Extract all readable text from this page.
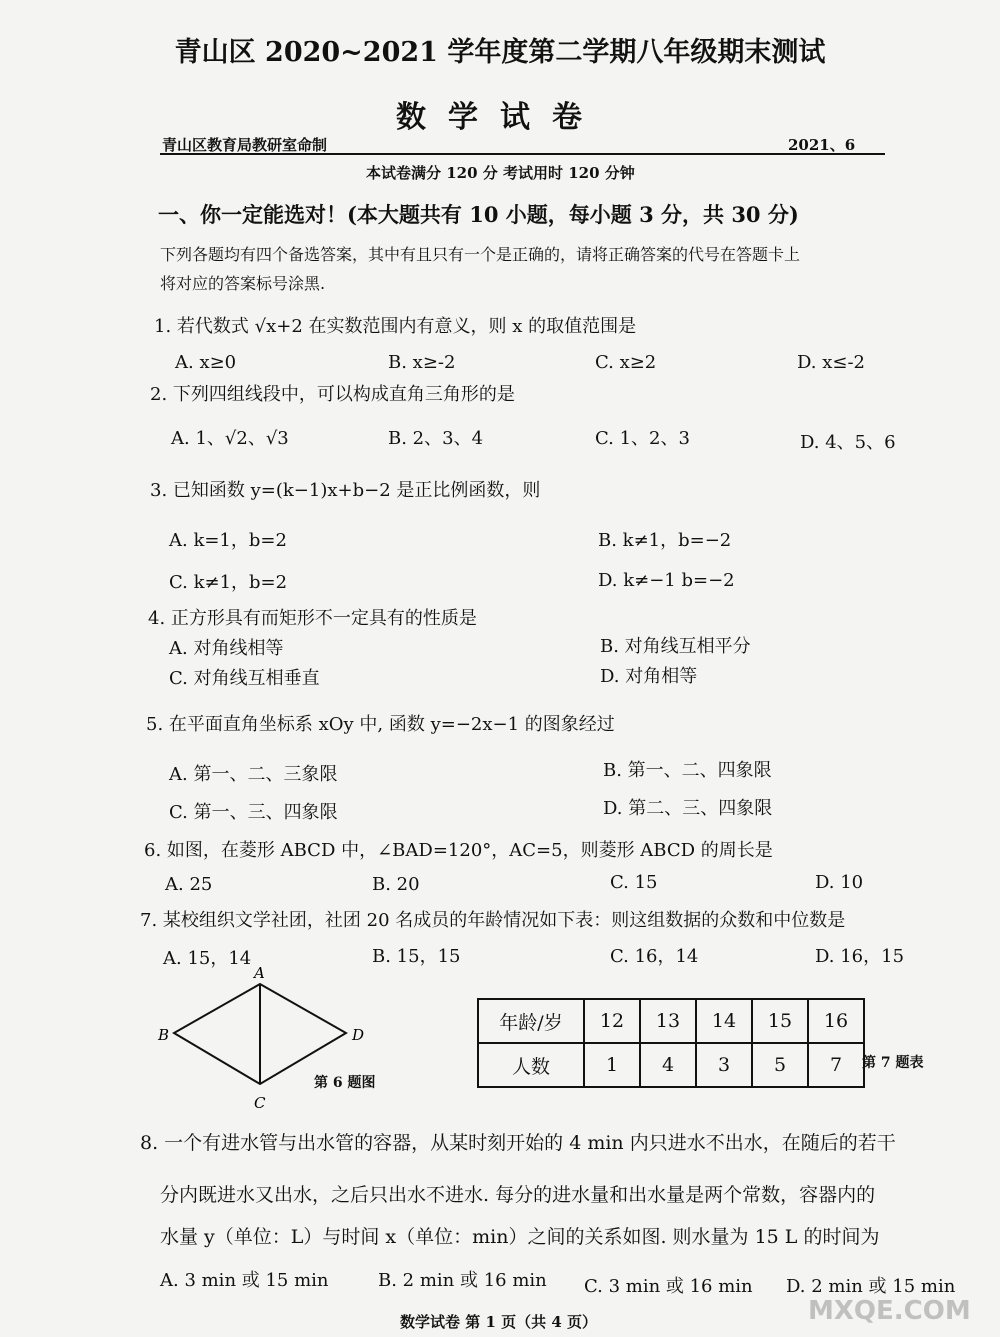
青山区 2020~2021 学年度第二学期八年级期末测试
数学试卷
青山区教育局教研室命制	2021、6
本试卷满分 120 分 考试用时 120 分钟
一、你一定能选对！(本大题共有 10 小题，每小题 3 分，共 30 分)
下列各题均有四个备选答案，其中有且只有一个是正确的，请将正确答案的代号在答题卡上
将对应的答案标号涂黑.
1. 若代数式 √x+2 在实数范围内有意义，则 x 的取值范围是
A. x≥0	B. x≥-2	C. x≥2	D. x≤-2
2. 下列四组线段中，可以构成直角三角形的是
A. 1、√2、√3	B. 2、3、4	C. 1、2、3	D. 4、5、6
3. 已知函数 y=(k−1)x+b−2 是正比例函数，则
A. k=1，b=2	B. k≠1，b=−2
C. k≠1，b=2	D. k≠−1 b=−2
4. 正方形具有而矩形不一定具有的性质是
A. 对角线相等	B. 对角线互相平分
C. 对角线互相垂直	D. 对角相等
5. 在平面直角坐标系 xOy 中, 函数 y=−2x−1 的图象经过
A. 第一、二、三象限	B. 第一、二、四象限
C. 第一、三、四象限	D. 第二、三、四象限
6. 如图，在菱形 ABCD 中，∠BAD=120°，AC=5，则菱形 ABCD 的周长是
A. 25	B. 20	C. 15	D. 10
7. 某校组织文学社团，社团 20 名成员的年龄情况如下表：则这组数据的众数和中位数是
A. 15，14	B. 15，15	C. 16，14	D. 16，15
A
B
C
D
第 6 题图
年龄/岁	12	13	14	15	16
人数	1	4	3	5	7 第 7 题表
8. 一个有进水管与出水管的容器，从某时刻开始的 4 min 内只进水不出水，在随后的若干
分内既进水又出水，之后只出水不进水. 每分的进水量和出水量是两个常数，容器内的
水量 y（单位：L）与时间 x（单位：min）之间的关系如图. 则水量为 15 L 的时间为
A. 3 min 或 15 min	B. 2 min 或 16 min C. 3 min 或 16 min D. 2 min 或 15 min
数学试卷 第 1 页（共 4 页）	MXQE.COM
